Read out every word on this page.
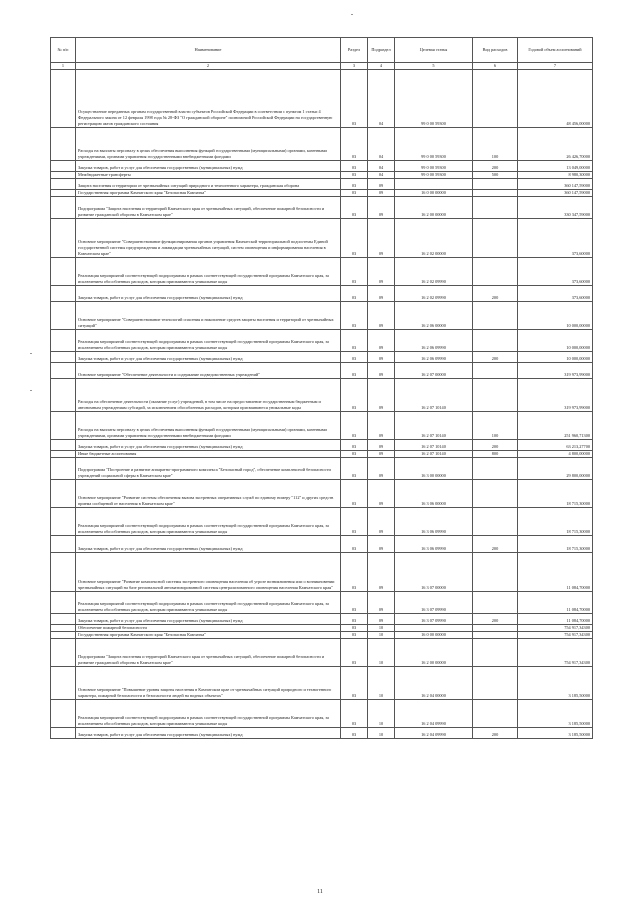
№ п/п	Наименование	Раздел	Подраздел	Целевая статья	Вид расходов	Годовой объем ассигнований
1	2	3	4	5	6	7
	Осуществление переданных органам государственной власти субъектов Российской Федерации в соответствии с пунктом 1 статьи 4 Федерального закона от 12 февраля 1998 года № 28-ФЗ "О гражданской обороне" полномочий Российской Федерации на государственную регистрацию актов гражданского состояния	03	04	99 0 00 59300		48 456,00000
	Расходы на выплаты персоналу в целях обеспечения выполнения функций государственными (муниципальными) органами, казенными учреждениями, органами управления государственными внебюджетными фондами	03	04	99 0 00 59300	100	26 426,70000
	Закупка товаров, работ и услуг для обеспечения государственных (муниципальных) нужд	03	04	99 0 00 59300	200	13 049,00000
	Межбюджетные трансферты	03	04	99 0 00 59300	500	8 980,30000
	Защита населения и территории от чрезвычайных ситуаций природного и техногенного характера, гражданская оборона	03	09			360 147,59000
	Государственная программа Камчатского края "Безопасная Камчатка"	03	09	16 0 00 00000		360 147,59000
	Подпрограмма "Защита населения и территорий Камчатского края от чрезвычайных ситуаций, обеспечение пожарной безопасности и развитие гражданской обороны в Камчатском крае"	03	09	16 2 00 00000		330 347,59000
	Основное мероприятие "Совершенствование функционирования органов управления Камчатской территориальной подсистемы Единой государственной системы предупреждения и ликвидации чрезвычайных ситуаций, систем оповещения и информирования населения в Камчатском крае"	03	09	16 2 02 00000		373,60000
	Реализация мероприятий соответствующей подпрограммы в рамках соответствующей государственной программы Камчатского края, за исключением обособленных расходов, которым присваиваются уникальные коды	03	09	16 2 02 09990		373,60000
	Закупка товаров, работ и услуг для обеспечения государственных (муниципальных) нужд	03	09	16 2 02 09990	200	373,60000
	Основное мероприятие "Совершенствование технологий спасения и накопление средств защиты населения и территорий от чрезвычайных ситуаций"	03	09	16 2 06 00000		10 000,00000
	Реализация мероприятий соответствующей подпрограммы в рамках соответствующей государственной программы Камчатского края, за исключением обособленных расходов, которым присваиваются уникальные коды	03	09	16 2 06 09990		10 000,00000
	Закупка товаров, работ и услуг для обеспечения государственных (муниципальных) нужд	03	09	16 2 06 09990	200	10 000,00000
	Основное мероприятие "Обеспечение деятельности и содержание подведомственных учреждений"	03	09	16 2 07 00000		319 973,99000
	Расходы на обеспечение деятельности (оказание услуг) учреждений, в том числе на предоставление государственным бюджетным и автономным учреждениям субсидий, за исключением обособленных расходов, которым присваиваются уникальные коды	03	09	16 2 07 10140		319 973,99000
	Расходы на выплаты персоналу в целях обеспечения выполнения функций государственными (муниципальными) органами, казенными учреждениями, органами управления государственными внебюджетными фондами	03	09	16 2 07 10140	100	251 960,71300
	Закупка товаров, работ и услуг для обеспечения государственных (муниципальных) нужд	03	09	16 2 07 10140	200	63 213,27700
	Иные бюджетные ассигнования	03	09	16 2 07 10140	800	4 800,00000
	Подпрограмма "Построение и развитие аппаратно-программного комплекса "Безопасный город", обеспечение комплексной безопасности учреждений социальной сферы в Камчатском крае"	03	09	16 3 00 00000		29 800,00000
	Основное мероприятие "Развитие системы обеспечения вызова экстренных оперативных служб по единому номеру "112" и других средств приема сообщений от населения в Камчатском крае"	03	09	16 3 06 00000		18 715,30000
	Реализация мероприятий соответствующей подпрограммы в рамках соответствующей государственной программы Камчатского края, за исключением обособленных расходов, которым присваиваются уникальные коды	03	09	16 3 06 09990		18 715,30000
	Закупка товаров, работ и услуг для обеспечения государственных (муниципальных) нужд	03	09	16 3 06 09990	200	18 715,30000
	Основное мероприятие "Развитие комплексной системы экстренного оповещения населения об угрозе возникновения или о возникновении чрезвычайных ситуаций на базе региональной автоматизированной системы централизованного оповещения населения Камчатского края"	03	09	16 3 07 00000		11 084,70000
	Реализация мероприятий соответствующей подпрограммы в рамках соответствующей государственной программы Камчатского края, за исключением обособленных расходов, которым присваиваются уникальные коды	03	09	16 3 07 09990		11 084,70000
	Закупка товаров, работ и услуг для обеспечения государственных (муниципальных) нужд	03	09	16 3 07 09990	200	11 084,70000
	Обеспечение пожарной безопасности	03	10			754 917,34300
	Государственная программа Камчатского края "Безопасная Камчатка"	03	10	16 0 00 00000		754 917,34300
	Подпрограмма "Защита населения и территорий Камчатского края от чрезвычайных ситуаций, обеспечение пожарной безопасности и развитие гражданской обороны в Камчатском крае"	03	10	16 2 00 00000		754 917,34300
	Основное мероприятие "Повышение уровня защиты населения в Камчатском крае от чрезвычайных ситуаций природного и техногенного характера, пожарной безопасности и безопасности людей на водных объектах"	03	10	16 2 04 00000		3 185,50000
	Реализация мероприятий соответствующей подпрограммы в рамках соответствующей государственной программы Камчатского края, за исключением обособленных расходов, которым присваиваются уникальные коды	03	10	16 2 04 09990		3 185,50000
	Закупка товаров, работ и услуг для обеспечения государственных (муниципальных) нужд	03	10	16 2 04 09990	200	3 185,50000
11
